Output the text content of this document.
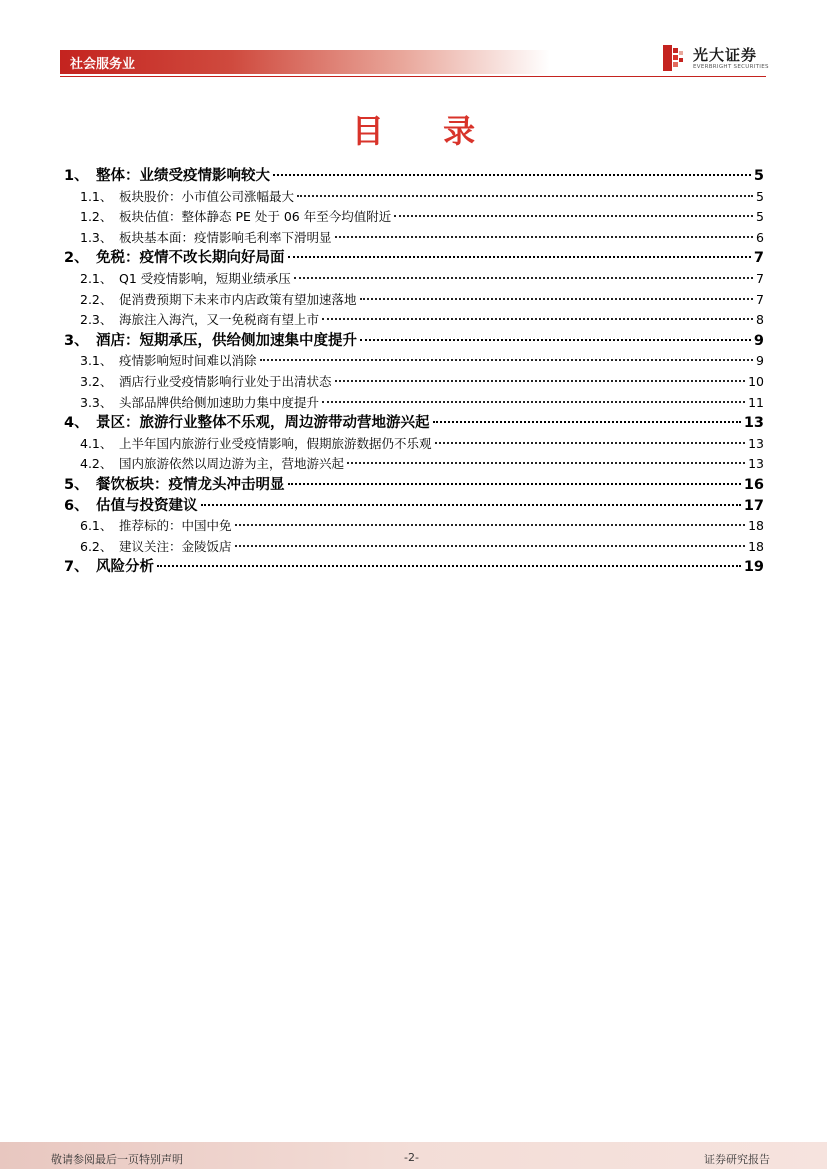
社会服务业
光大证券
EVERBRIGHT SECURITIES
目 录
1、 整体：业绩受疫情影响较大	5
1.1、 板块股价：小市值公司涨幅最大	5
1.2、 板块估值：整体静态 PE 处于 06 年至今均值附近	5
1.3、 板块基本面：疫情影响毛利率下滑明显	6
2、 免税：疫情不改长期向好局面	7
2.1、 Q1 受疫情影响，短期业绩承压	7
2.2、 促消费预期下未来市内店政策有望加速落地	7
2.3、 海旅注入海汽，又一免税商有望上市	8
3、 酒店：短期承压，供给侧加速集中度提升	9
3.1、 疫情影响短时间难以消除	9
3.2、 酒店行业受疫情影响行业处于出清状态	10
3.3、 头部品牌供给侧加速助力集中度提升	11
4、 景区：旅游行业整体不乐观，周边游带动营地游兴起	13
4.1、 上半年国内旅游行业受疫情影响，假期旅游数据仍不乐观	13
4.2、 国内旅游依然以周边游为主，营地游兴起	13
5、 餐饮板块：疫情龙头冲击明显	16
6、 估值与投资建议	17
6.1、 推荐标的：中国中免	18
6.2、 建议关注：金陵饭店	18
7、 风险分析	19
敬请参阅最后一页特别声明	-2-	证券研究报告
